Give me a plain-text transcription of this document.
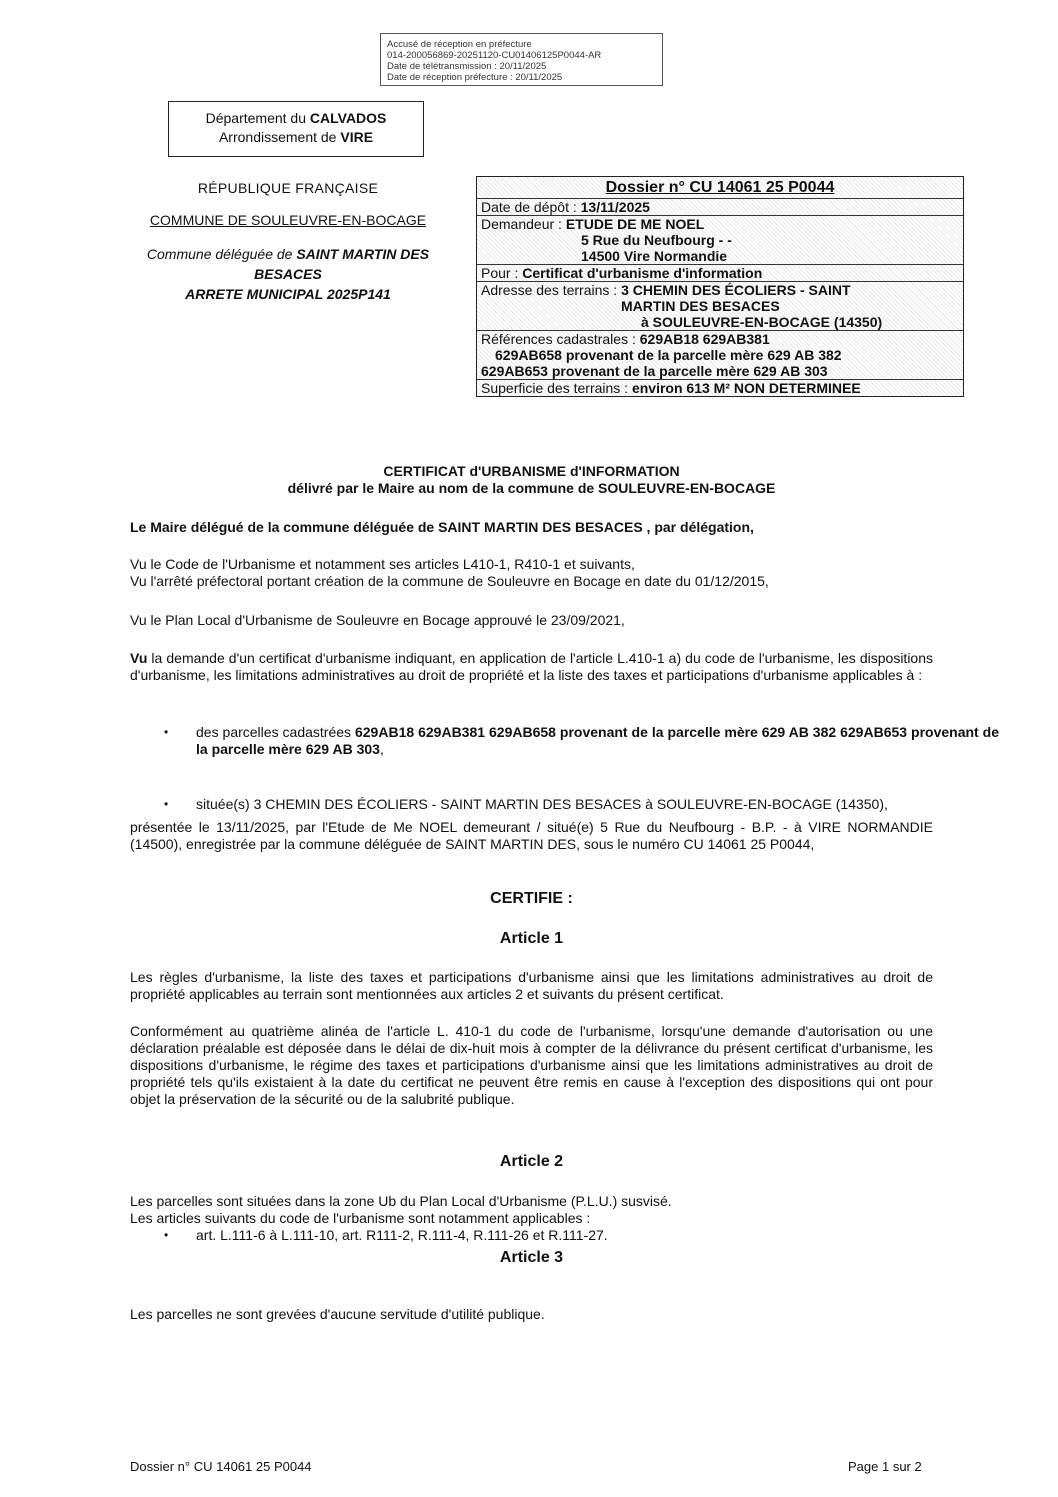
Accusé de réception en préfecture
014-200056869-20251120-CU01406125P0044-AR
Date de télétransmission : 20/11/2025
Date de réception préfecture : 20/11/2025
Département du CALVADOS
Arrondissement de VIRE
RÉPUBLIQUE FRANÇAISE
COMMUNE DE SOULEUVRE-EN-BOCAGE
Commune déléguée de SAINT MARTIN DES BESACES
ARRETE MUNICIPAL 2025P141
Dossier n° CU 14061 25 P0044
Date de dépôt : 13/11/2025
Demandeur : ETUDE DE ME NOEL
5 Rue du Neufbourg - -
14500 Vire Normandie
Pour : Certificat d'urbanisme d'information
Adresse des terrains : 3 CHEMIN DES ÉCOLIERS - SAINT
MARTIN DES BESACES
à SOULEUVRE-EN-BOCAGE (14350)
Références cadastrales : 629AB18 629AB381
629AB658 provenant de la parcelle mère 629 AB 382
629AB653 provenant de la parcelle mère 629 AB 303
Superficie des terrains : environ 613 M² NON DETERMINEE
CERTIFICAT d'URBANISME d'INFORMATION
délivré par le Maire au nom de la commune de SOULEUVRE-EN-BOCAGE
Le Maire délégué de la commune déléguée de SAINT MARTIN DES BESACES , par délégation,
Vu le Code de l'Urbanisme et notamment ses articles L410-1, R410-1 et suivants,
Vu l'arrêté préfectoral portant création de la commune de Souleuvre en Bocage en date du 01/12/2015,
Vu le Plan Local d'Urbanisme de Souleuvre en Bocage approuvé le 23/09/2021,
Vu la demande d'un certificat d'urbanisme indiquant, en application de l'article L.410-1 a) du code de l'urbanisme, les dispositions d'urbanisme, les limitations administratives au droit de propriété et la liste des taxes et participations d'urbanisme applicables à :
• des parcelles cadastrées 629AB18 629AB381 629AB658 provenant de la parcelle mère 629 AB 382 629AB653 provenant de la parcelle mère 629 AB 303,
• située(s) 3 CHEMIN DES ÉCOLIERS - SAINT MARTIN DES BESACES à SOULEUVRE-EN-BOCAGE (14350),
présentée le 13/11/2025, par l'Etude de Me NOEL demeurant / situé(e) 5 Rue du Neufbourg - B.P. - à VIRE NORMANDIE (14500), enregistrée par la commune déléguée de SAINT MARTIN DES, sous le numéro CU 14061 25 P0044,
CERTIFIE :
Article 1
Les règles d'urbanisme, la liste des taxes et participations d'urbanisme ainsi que les limitations administratives au droit de propriété applicables au terrain sont mentionnées aux articles 2 et suivants du présent certificat.
Conformément au quatrième alinéa de l'article L. 410-1 du code de l'urbanisme, lorsqu'une demande d'autorisation ou une déclaration préalable est déposée dans le délai de dix-huit mois à compter de la délivrance du présent certificat d'urbanisme, les dispositions d'urbanisme, le régime des taxes et participations d'urbanisme ainsi que les limitations administratives au droit de propriété tels qu'ils existaient à la date du certificat ne peuvent être remis en cause à l'exception des dispositions qui ont pour objet la préservation de la sécurité ou de la salubrité publique.
Article 2
Les parcelles sont situées dans la zone Ub du Plan Local d'Urbanisme (P.L.U.) susvisé.
Les articles suivants du code de l'urbanisme sont notamment applicables :
• art. L.111-6 à L.111-10, art. R111-2, R.111-4, R.111-26 et R.111-27.
Article 3
Les parcelles ne sont grevées d'aucune servitude d'utilité publique.
Dossier n° CU 14061 25 P0044	Page 1 sur 2
